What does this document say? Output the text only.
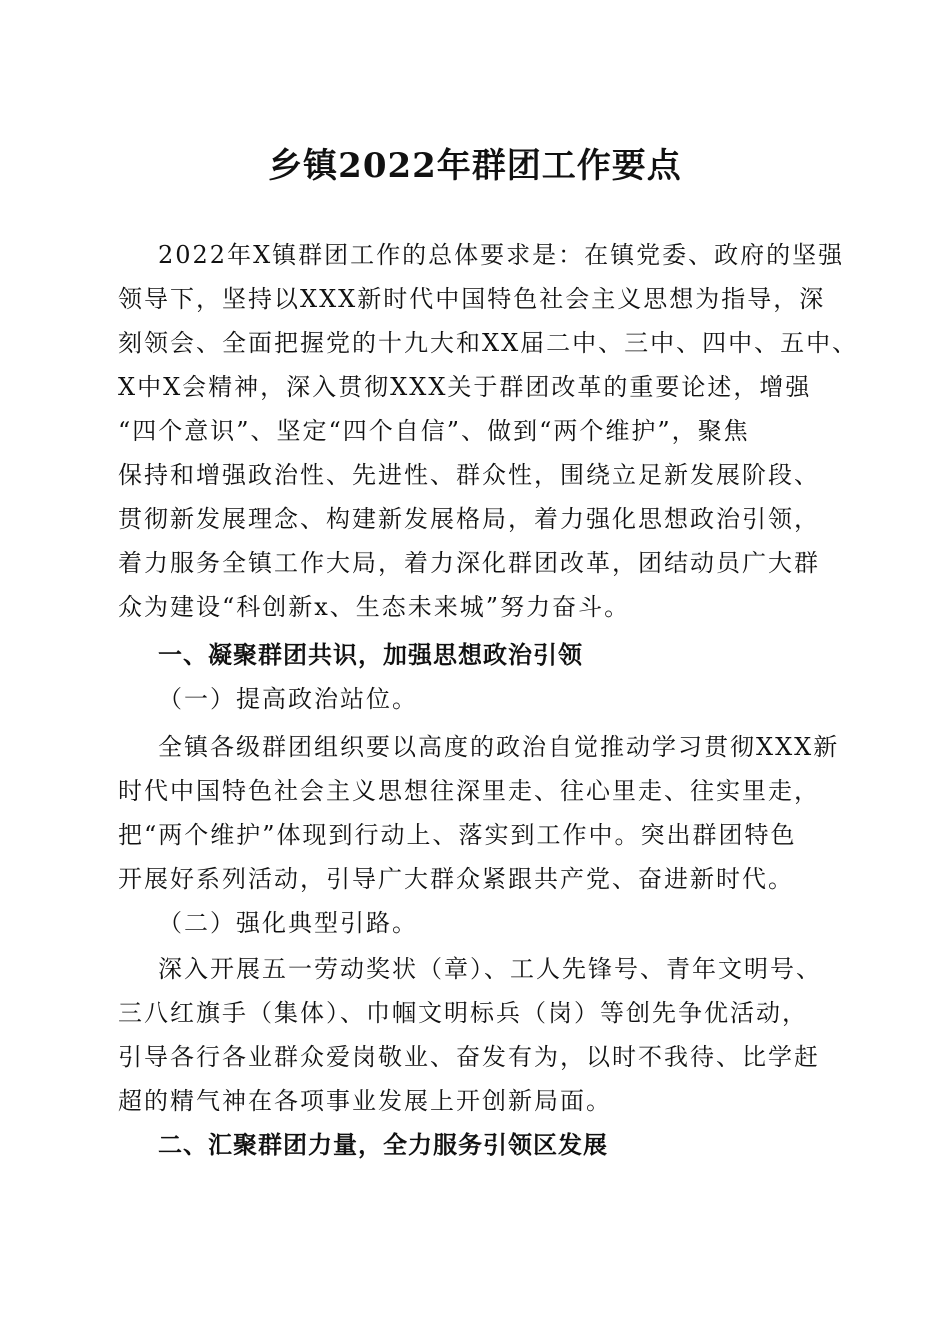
乡镇2022年群团工作要点
2022年X镇群团工作的总体要求是：在镇党委、政府的坚强
领导下，坚持以XXX新时代中国特色社会主义思想为指导，深
刻领会、全面把握党的十九大和XX届二中、三中、四中、五中、
X中X会精神，深入贯彻XXX关于群团改革的重要论述，增强
“四个意识”、坚定“四个自信”、做到“两个维护”，聚焦
保持和增强政治性、先进性、群众性，围绕立足新发展阶段、
贯彻新发展理念、构建新发展格局，着力强化思想政治引领，
着力服务全镇工作大局，着力深化群团改革，团结动员广大群
众为建设“科创新x、生态未来城”努力奋斗。
一、凝聚群团共识，加强思想政治引领
（一）提高政治站位。
全镇各级群团组织要以高度的政治自觉推动学习贯彻XXX新
时代中国特色社会主义思想往深里走、往心里走、往实里走，
把“两个维护”体现到行动上、落实到工作中。突出群团特色
开展好系列活动，引导广大群众紧跟共产党、奋进新时代。
（二）强化典型引路。
深入开展五一劳动奖状（章）、工人先锋号、青年文明号、
三八红旗手（集体）、巾帼文明标兵（岗）等创先争优活动，
引导各行各业群众爱岗敬业、奋发有为，以时不我待、比学赶
超的精气神在各项事业发展上开创新局面。
二、汇聚群团力量，全力服务引领区发展
